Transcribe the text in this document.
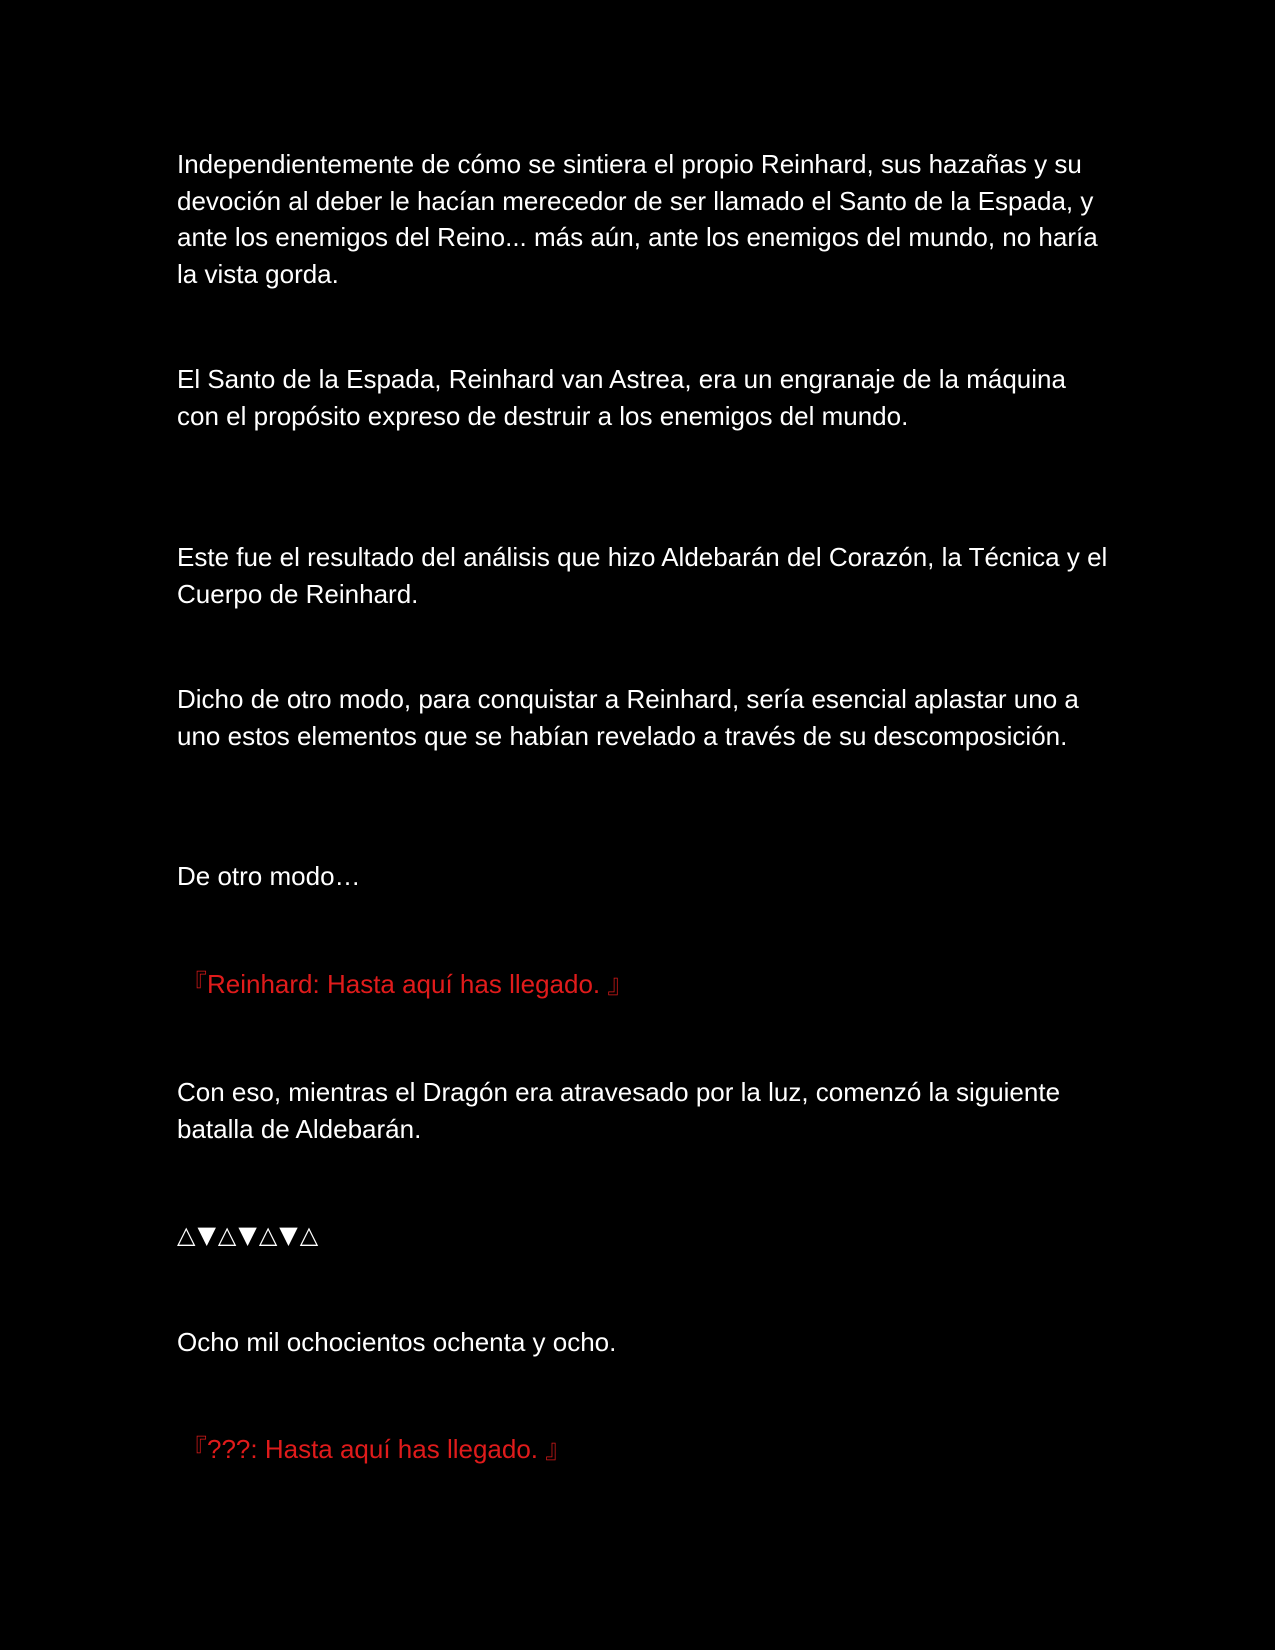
Independientemente de cómo se sintiera el propio Reinhard, sus hazañas y su devoción al deber le hacían merecedor de ser llamado el Santo de la Espada, y ante los enemigos del Reino... más aún, ante los enemigos del mundo, no haría la vista gorda.

El Santo de la Espada, Reinhard van Astrea, era un engranaje de la máquina con el propósito expreso de destruir a los enemigos del mundo.

Este fue el resultado del análisis que hizo Aldebarán del Corazón, la Técnica y el Cuerpo de Reinhard.

Dicho de otro modo, para conquistar a Reinhard, sería esencial aplastar uno a uno estos elementos que se habían revelado a través de su descomposición.

De otro modo…

『Reinhard: Hasta aquí has llegado. 』

Con eso, mientras el Dragón era atravesado por la luz, comenzó la siguiente batalla de Aldebarán.

△▼△▼△▼△

Ocho mil ochocientos ochenta y ocho.

『???: Hasta aquí has llegado. 』
